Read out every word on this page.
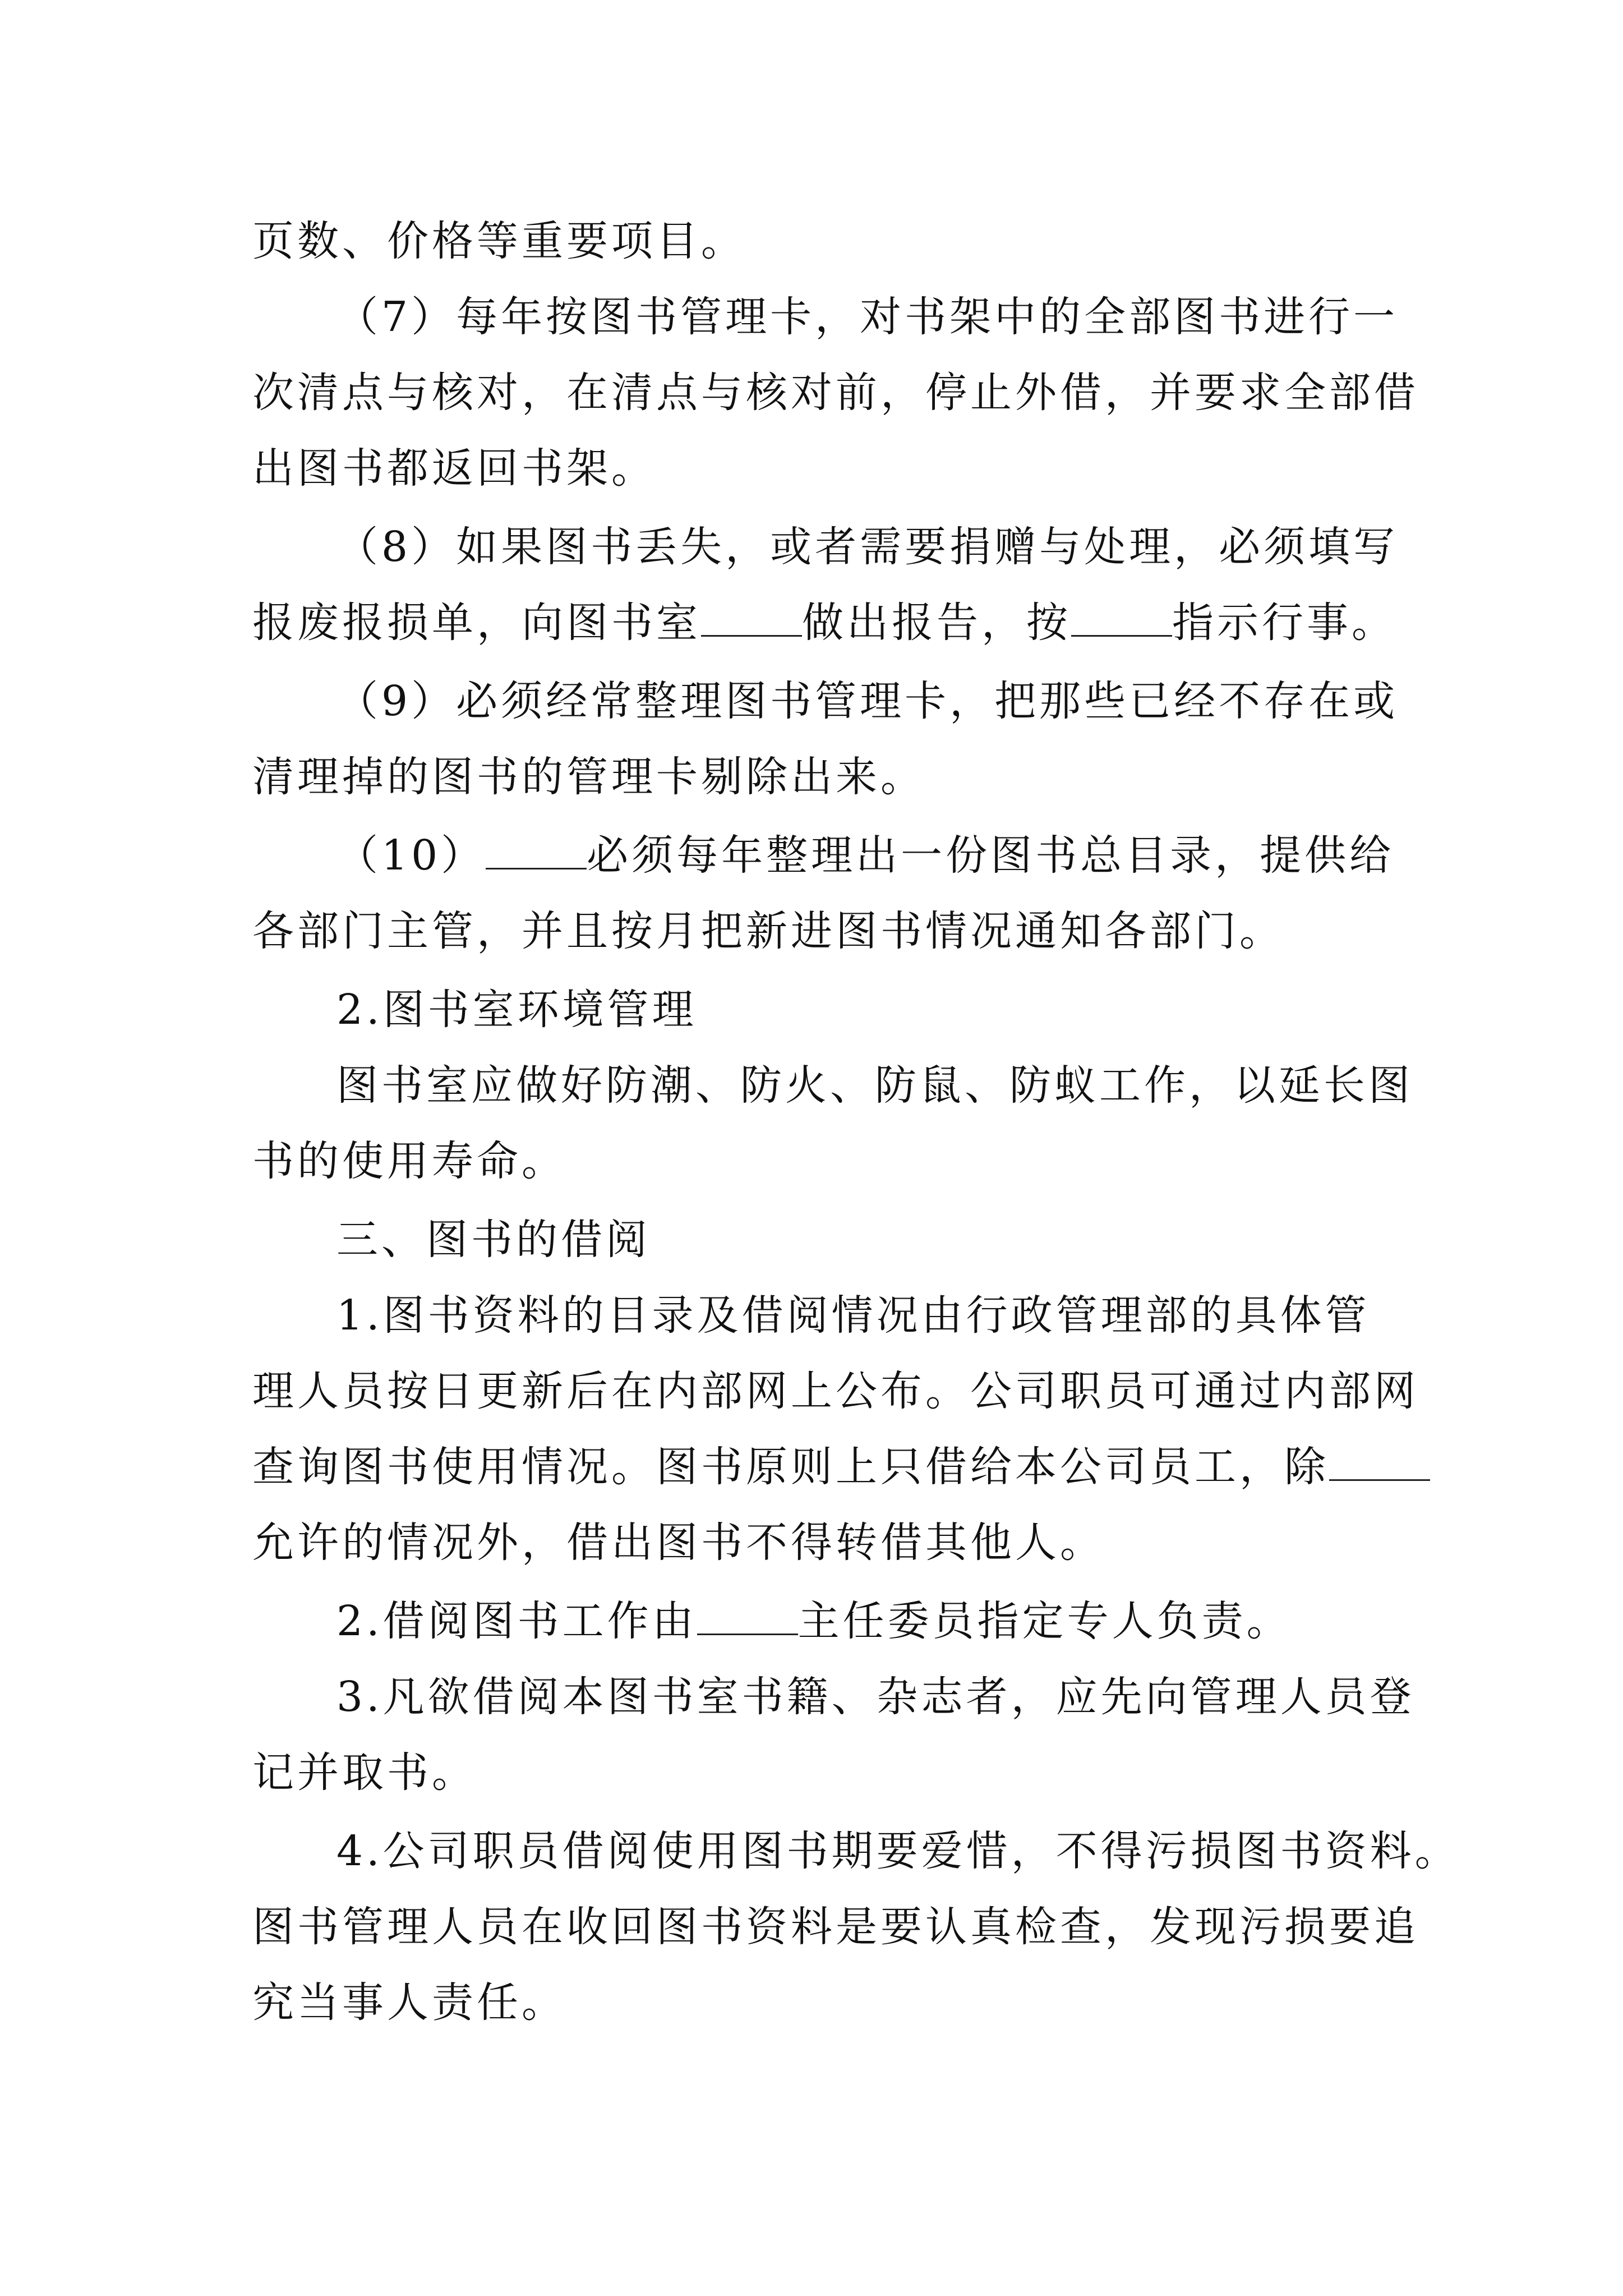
页数、价格等重要项目。
（7）每年按图书管理卡，对书架中的全部图书进行一
次清点与核对，在清点与核对前，停止外借，并要求全部借
出图书都返回书架。
（8）如果图书丢失，或者需要捐赠与处理，必须填写
报废报损单，向图书室 做出报告，按 指示行事。
（9）必须经常整理图书管理卡，把那些已经不存在或
清理掉的图书的管理卡剔除出来。
（10） 必须每年整理出一份图书总目录，提供给
各部门主管，并且按月把新进图书情况通知各部门。
2.图书室环境管理
图书室应做好防潮、防火、防鼠、防蚁工作，以延长图
书的使用寿命。
三、图书的借阅
1.图书资料的目录及借阅情况由行政管理部的具体管
理人员按日更新后在内部网上公布。公司职员可通过内部网
查询图书使用情况。图书原则上只借给本公司员工，除
允许的情况外，借出图书不得转借其他人。
2.借阅图书工作由 主任委员指定专人负责。
3.凡欲借阅本图书室书籍、杂志者，应先向管理人员登
记并取书。
4.公司职员借阅使用图书期要爱惜，不得污损图书资料。
图书管理人员在收回图书资料是要认真检查，发现污损要追
究当事人责任。
